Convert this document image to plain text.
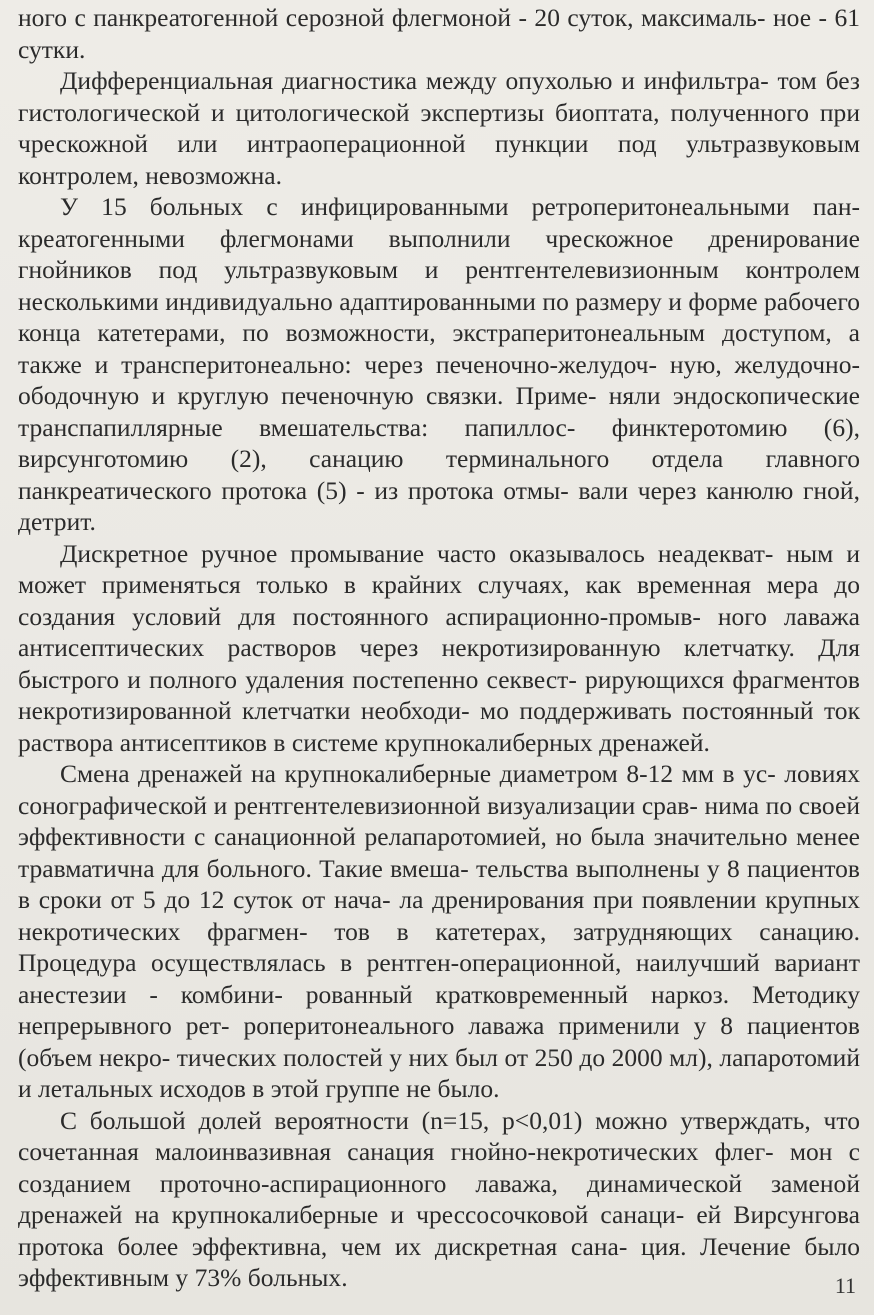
ного с панкреатогенной серозной флегмоной - 20 суток, максималь- ное - 61 сутки.

Дифференциальная диагностика между опухолью и инфильтра- том без гистологической и цитологической экспертизы биоптата, полученного при чрескожной или интраоперационной пункции под ультразвуковым контролем, невозможна.

У 15 больных с инфицированными ретроперитонеальными пан- креатогенными флегмонами выполнили чрескожное дренирование гнойников под ультразвуковым и рентгентелевизионным контролем несколькими индивидуально адаптированными по размеру и форме рабочего конца катетерами, по возможности, экстраперитонеальным доступом, а также и трансперитонеально: через печеночно-желудоч- ную, желудочно-ободочную и круглую печеночную связки. Приме- няли эндоскопические транспапиллярные вмешательства: папиллос- финктеротомию (6), вирсунготомию (2), санацию терминального отдела главного панкреатического протока (5) - из протока отмы- вали через канюлю гной, детрит.

Дискретное ручное промывание часто оказывалось неадекват- ным и может применяться только в крайних случаях, как временная мера до создания условий для постоянного аспирационно-промыв- ного лаважа антисептических растворов через некротизированную клетчатку. Для быстрого и полного удаления постепенно секвест- рирующихся фрагментов некротизированной клетчатки необходи- мо поддерживать постоянный ток раствора антисептиков в системе крупнокалиберных дренажей.

Смена дренажей на крупнокалиберные диаметром 8-12 мм в ус- ловиях сонографической и рентгентелевизионной визуализации срав- нима по своей эффективности с санационной релапаротомией, но была значительно менее травматична для больного. Такие вмеша- тельства выполнены у 8 пациентов в сроки от 5 до 12 суток от нача- ла дренирования при появлении крупных некротических фрагмен- тов в катетерах, затрудняющих санацию. Процедура осуществлялась в рентген-операционной, наилучший вариант анестезии - комбини- рованный кратковременный наркоз. Методику непрерывного рет- роперитонеального лаважа применили у 8 пациентов (объем некро- тических полостей у них был от 250 до 2000 мл), лапаротомий и летальных исходов в этой группе не было.

С большой долей вероятности (n=15, p<0,01) можно утверждать, что сочетанная малоинвазивная санация гнойно-некротических флег- мон с созданием проточно-аспирационного лаважа, динамической заменой дренажей на крупнокалиберные и чрессосочковой санаци- ей Вирсунгова протока более эффективна, чем их дискретная сана- ция. Лечение было эффективным у 73% больных.	11
